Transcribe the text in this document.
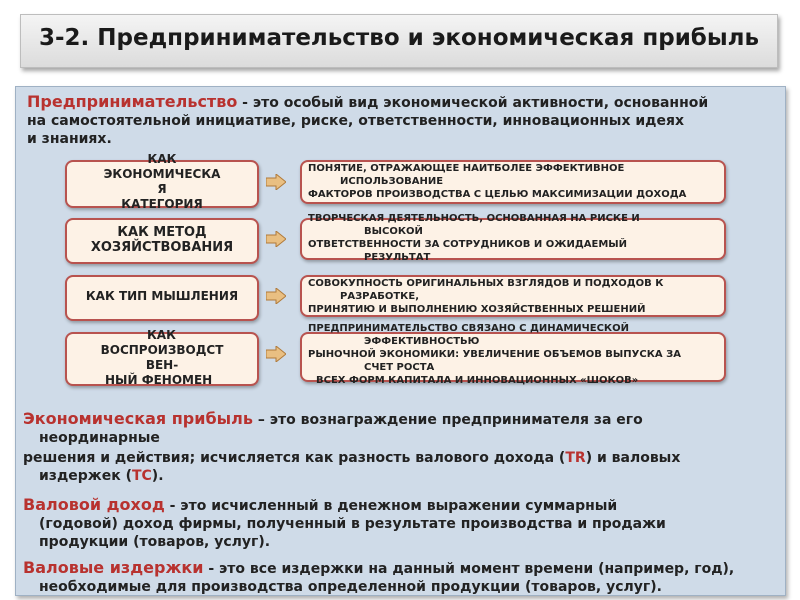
3-2. Предпринимательство и экономическая прибыль
Предпринимательство - это особый вид экономической активности, основанной
на самостоятельной инициативе, риске, ответственности, инновационных идеях
и знаниях.
КАК
ЭКОНОМИЧЕСКА
Я
КАТЕГОРИЯ
ПОНЯТИЕ, ОТРАЖАЮЩЕЕ НАИТБОЛЕЕ ЭФФЕКТИВНОЕ
ИСПОЛЬЗОВАНИЕ
ФАКТОРОВ ПРОИЗВОДСТВА С ЦЕЛЬЮ МАКСИМИЗАЦИИ ДОХОДА
КАК МЕТОД
ХОЗЯЙСТВОВАНИЯ
ТВОРЧЕСКАЯ ДЕЯТЕЛЬНОСТЬ, ОСНОВАННАЯ НА РИСКЕ И
ВЫСОКОЙ
ОТВЕТСТВЕННОСТИ ЗА СОТРУДНИКОВ И ОЖИДАЕМЫЙ
РЕЗУЛЬТАТ
КАК ТИП МЫШЛЕНИЯ
СОВОКУПНОСТЬ ОРИГИНАЛЬНЫХ ВЗГЛЯДОВ И ПОДХОДОВ К
РАЗРАБОТКЕ,
ПРИНЯТИЮ И ВЫПОЛНЕНИЮ ХОЗЯЙСТВЕННЫХ РЕШЕНИЙ
КАК
ВОСПРОИЗВОДСТ
ВЕН-
НЫЙ ФЕНОМЕН
ПРЕДПРИНИМАТЕЛЬСТВО СВЯЗАНО С ДИНАМИЧЕСКОЙ
ЭФФЕКТИВНОСТЬЮ
РЫНОЧНОЙ ЭКОНОМИКИ: УВЕЛИЧЕНИЕ ОБЪЕМОВ ВЫПУСКА ЗА
СЧЕТ РОСТА
ВСЕХ ФОРМ КАПИТАЛА И ИННОВАЦИОННЫХ «ШОКОВ»
Экономическая прибыль – это вознаграждение предпринимателя за его
неординарные
решения и действия; исчисляется как разность валового дохода (TR) и валовых
издержек (TC).
Валовой доход - это исчисленный в денежном выражении суммарный
(годовой) доход фирмы, полученный в результате производства и продажи
продукции (товаров, услуг).
Валовые издержки - это все издержки на данный момент времени (например, год),
необходимые для производства определенной продукции (товаров, услуг).
